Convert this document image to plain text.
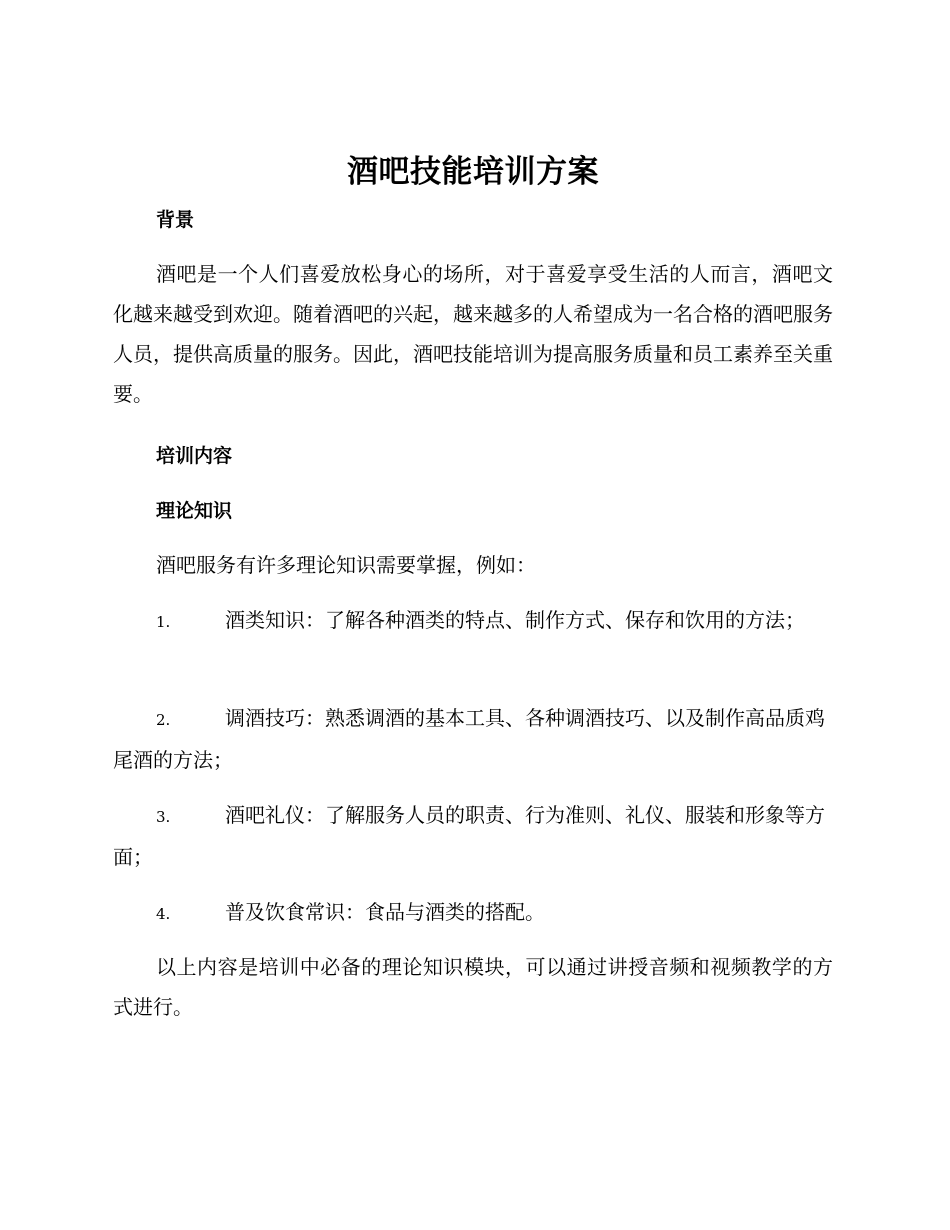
酒吧技能培训方案
背景

酒吧是一个人们喜爱放松身心的场所，对于喜爱享受生活的人而言，酒吧文化越来越受到欢迎。随着酒吧的兴起，越来越多的人希望成为一名合格的酒吧服务人员，提供高质量的服务。因此，酒吧技能培训为提高服务质量和员工素养至关重要。

培训内容
理论知识

酒吧服务有许多理论知识需要掌握，例如：

1.	酒类知识：了解各种酒类的特点、制作方式、保存和饮用的方法；

2.	调酒技巧：熟悉调酒的基本工具、各种调酒技巧、以及制作高品质鸡尾酒的方法；

3.	酒吧礼仪：了解服务人员的职责、行为准则、礼仪、服装和形象等方面；

4.	普及饮食常识：食品与酒类的搭配。

以上内容是培训中必备的理论知识模块，可以通过讲授音频和视频教学的方式进行。
